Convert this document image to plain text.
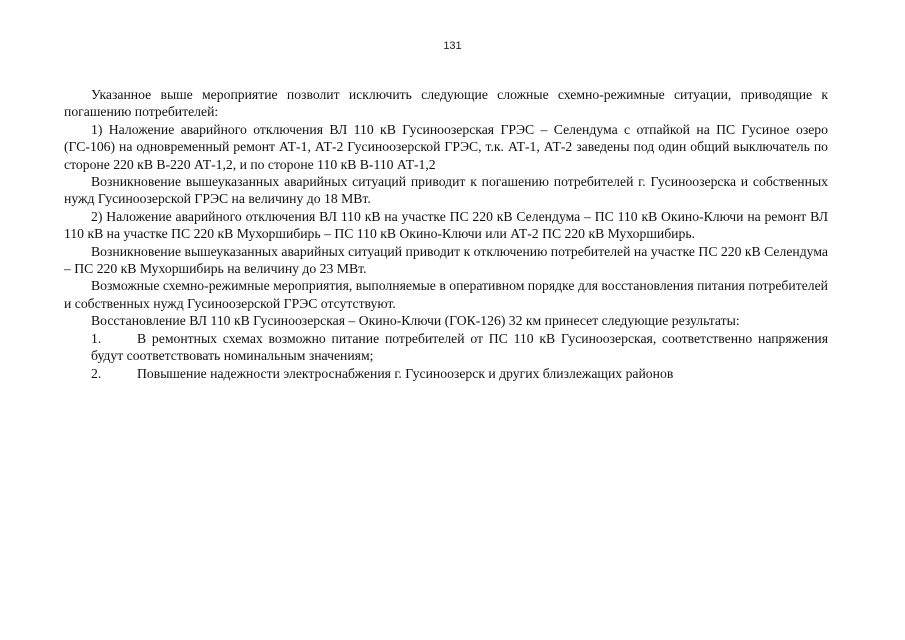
131

Указанное выше мероприятие позволит исключить следующие сложные схемно-режимные ситуации, приводящие к погашению потребителей:

1) Наложение аварийного отключения ВЛ 110 кВ Гусиноозерская ГРЭС – Селендума с отпайкой на ПС Гусиное озеро (ГС-106) на одновременный ремонт АТ-1, АТ-2 Гусиноозерской ГРЭС, т.к. АТ-1, АТ-2 заведены под один общий выключатель по стороне 220 кВ В-220 АТ-1,2, и по стороне 110 кВ В-110 АТ-1,2

Возникновение вышеуказанных аварийных ситуаций приводит к погашению потребителей г. Гусиноозерска и собственных нужд Гусиноозерской ГРЭС на величину до 18 МВт.

2) Наложение аварийного отключения ВЛ 110 кВ на участке ПС 220 кВ Селендума – ПС 110 кВ Окино-Ключи на ремонт ВЛ 110 кВ на участке ПС 220 кВ Мухоршибирь – ПС 110 кВ Окино-Ключи или АТ-2 ПС 220 кВ Мухоршибирь.

Возникновение вышеуказанных аварийных ситуаций приводит к отключению потребителей на участке ПС 220 кВ Селендума – ПС 220 кВ Мухоршибирь на величину до 23 МВт.

Возможные схемно-режимные мероприятия, выполняемые в оперативном порядке для восстановления питания потребителей и собственных нужд Гусиноозерской ГРЭС отсутствуют.

Восстановление ВЛ 110 кВ Гусиноозерская – Окино-Ключи (ГОК-126) 32 км принесет следующие результаты:

1.	В ремонтных схемах возможно питание потребителей от ПС 110 кВ Гусиноозерская, соответственно напряжения будут соответствовать номинальным значениям;

2.	Повышение надежности электроснабжения г. Гусиноозерск и других близлежащих районов
